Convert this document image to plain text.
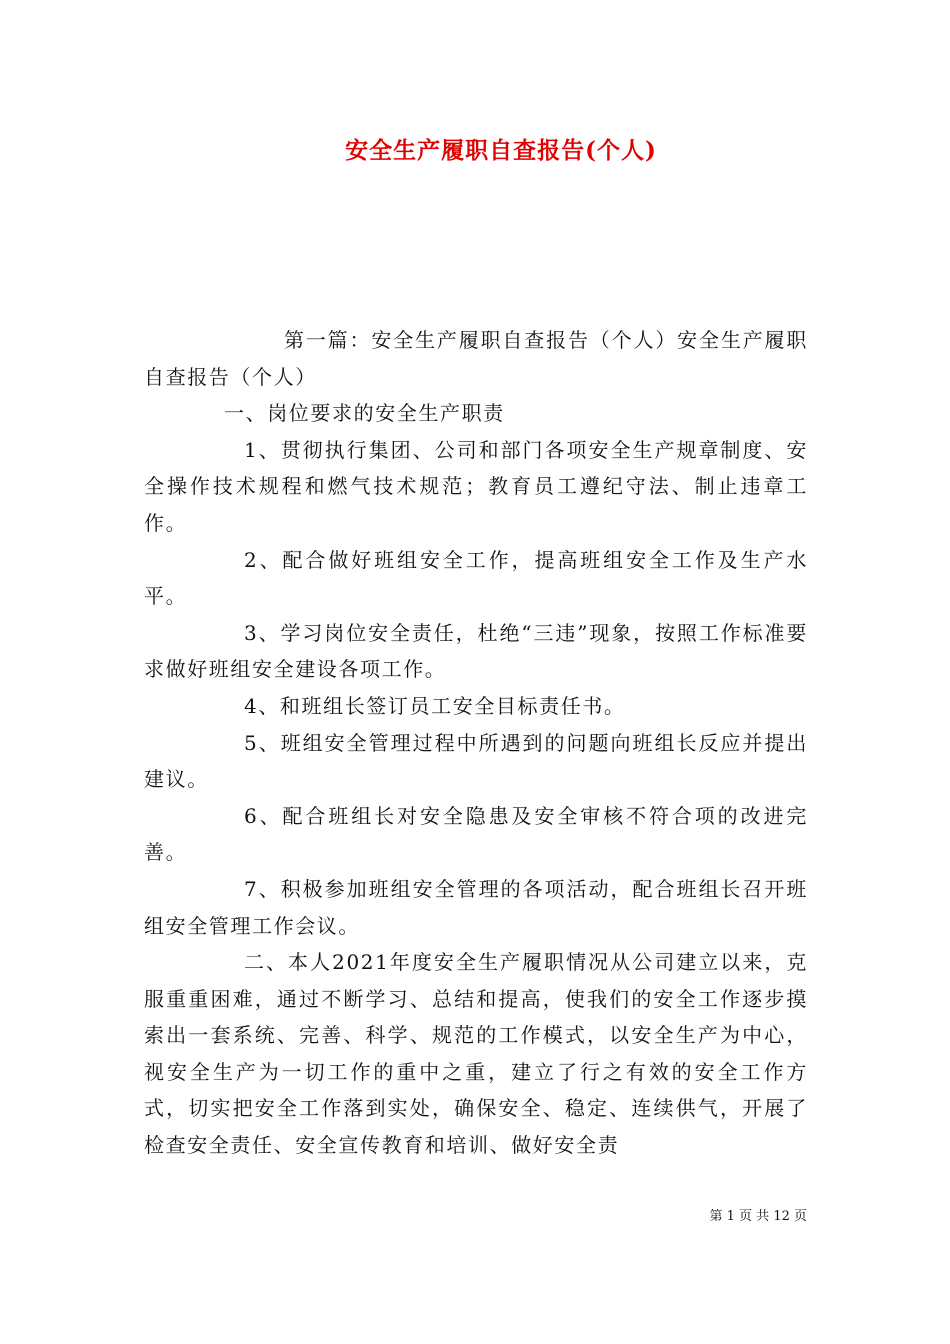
安全生产履职自查报告(个人)

第一篇：安全生产履职自查报告（个人）安全生产履职自查报告（个人）

一、岗位要求的安全生产职责

1、贯彻执行集团、公司和部门各项安全生产规章制度、安全操作技术规程和燃气技术规范；教育员工遵纪守法、制止违章工作。

2、配合做好班组安全工作，提高班组安全工作及生产水平。

3、学习岗位安全责任，杜绝“三违”现象，按照工作标准要求做好班组安全建设各项工作。

4、和班组长签订员工安全目标责任书。

5、班组安全管理过程中所遇到的问题向班组长反应并提出建议。

6、配合班组长对安全隐患及安全审核不符合项的改进完善。

7、积极参加班组安全管理的各项活动，配合班组长召开班组安全管理工作会议。

二、本人2021年度安全生产履职情况从公司建立以来，克服重重困难，通过不断学习、总结和提高，使我们的安全工作逐步摸索出一套系统、完善、科学、规范的工作模式，以安全生产为中心，视安全生产为一切工作的重中之重，建立了行之有效的安全工作方式，切实把安全工作落到实处，确保安全、稳定、连续供气，开展了检查安全责任、安全宣传教育和培训、做好安全责

第 1 页 共 12 页
